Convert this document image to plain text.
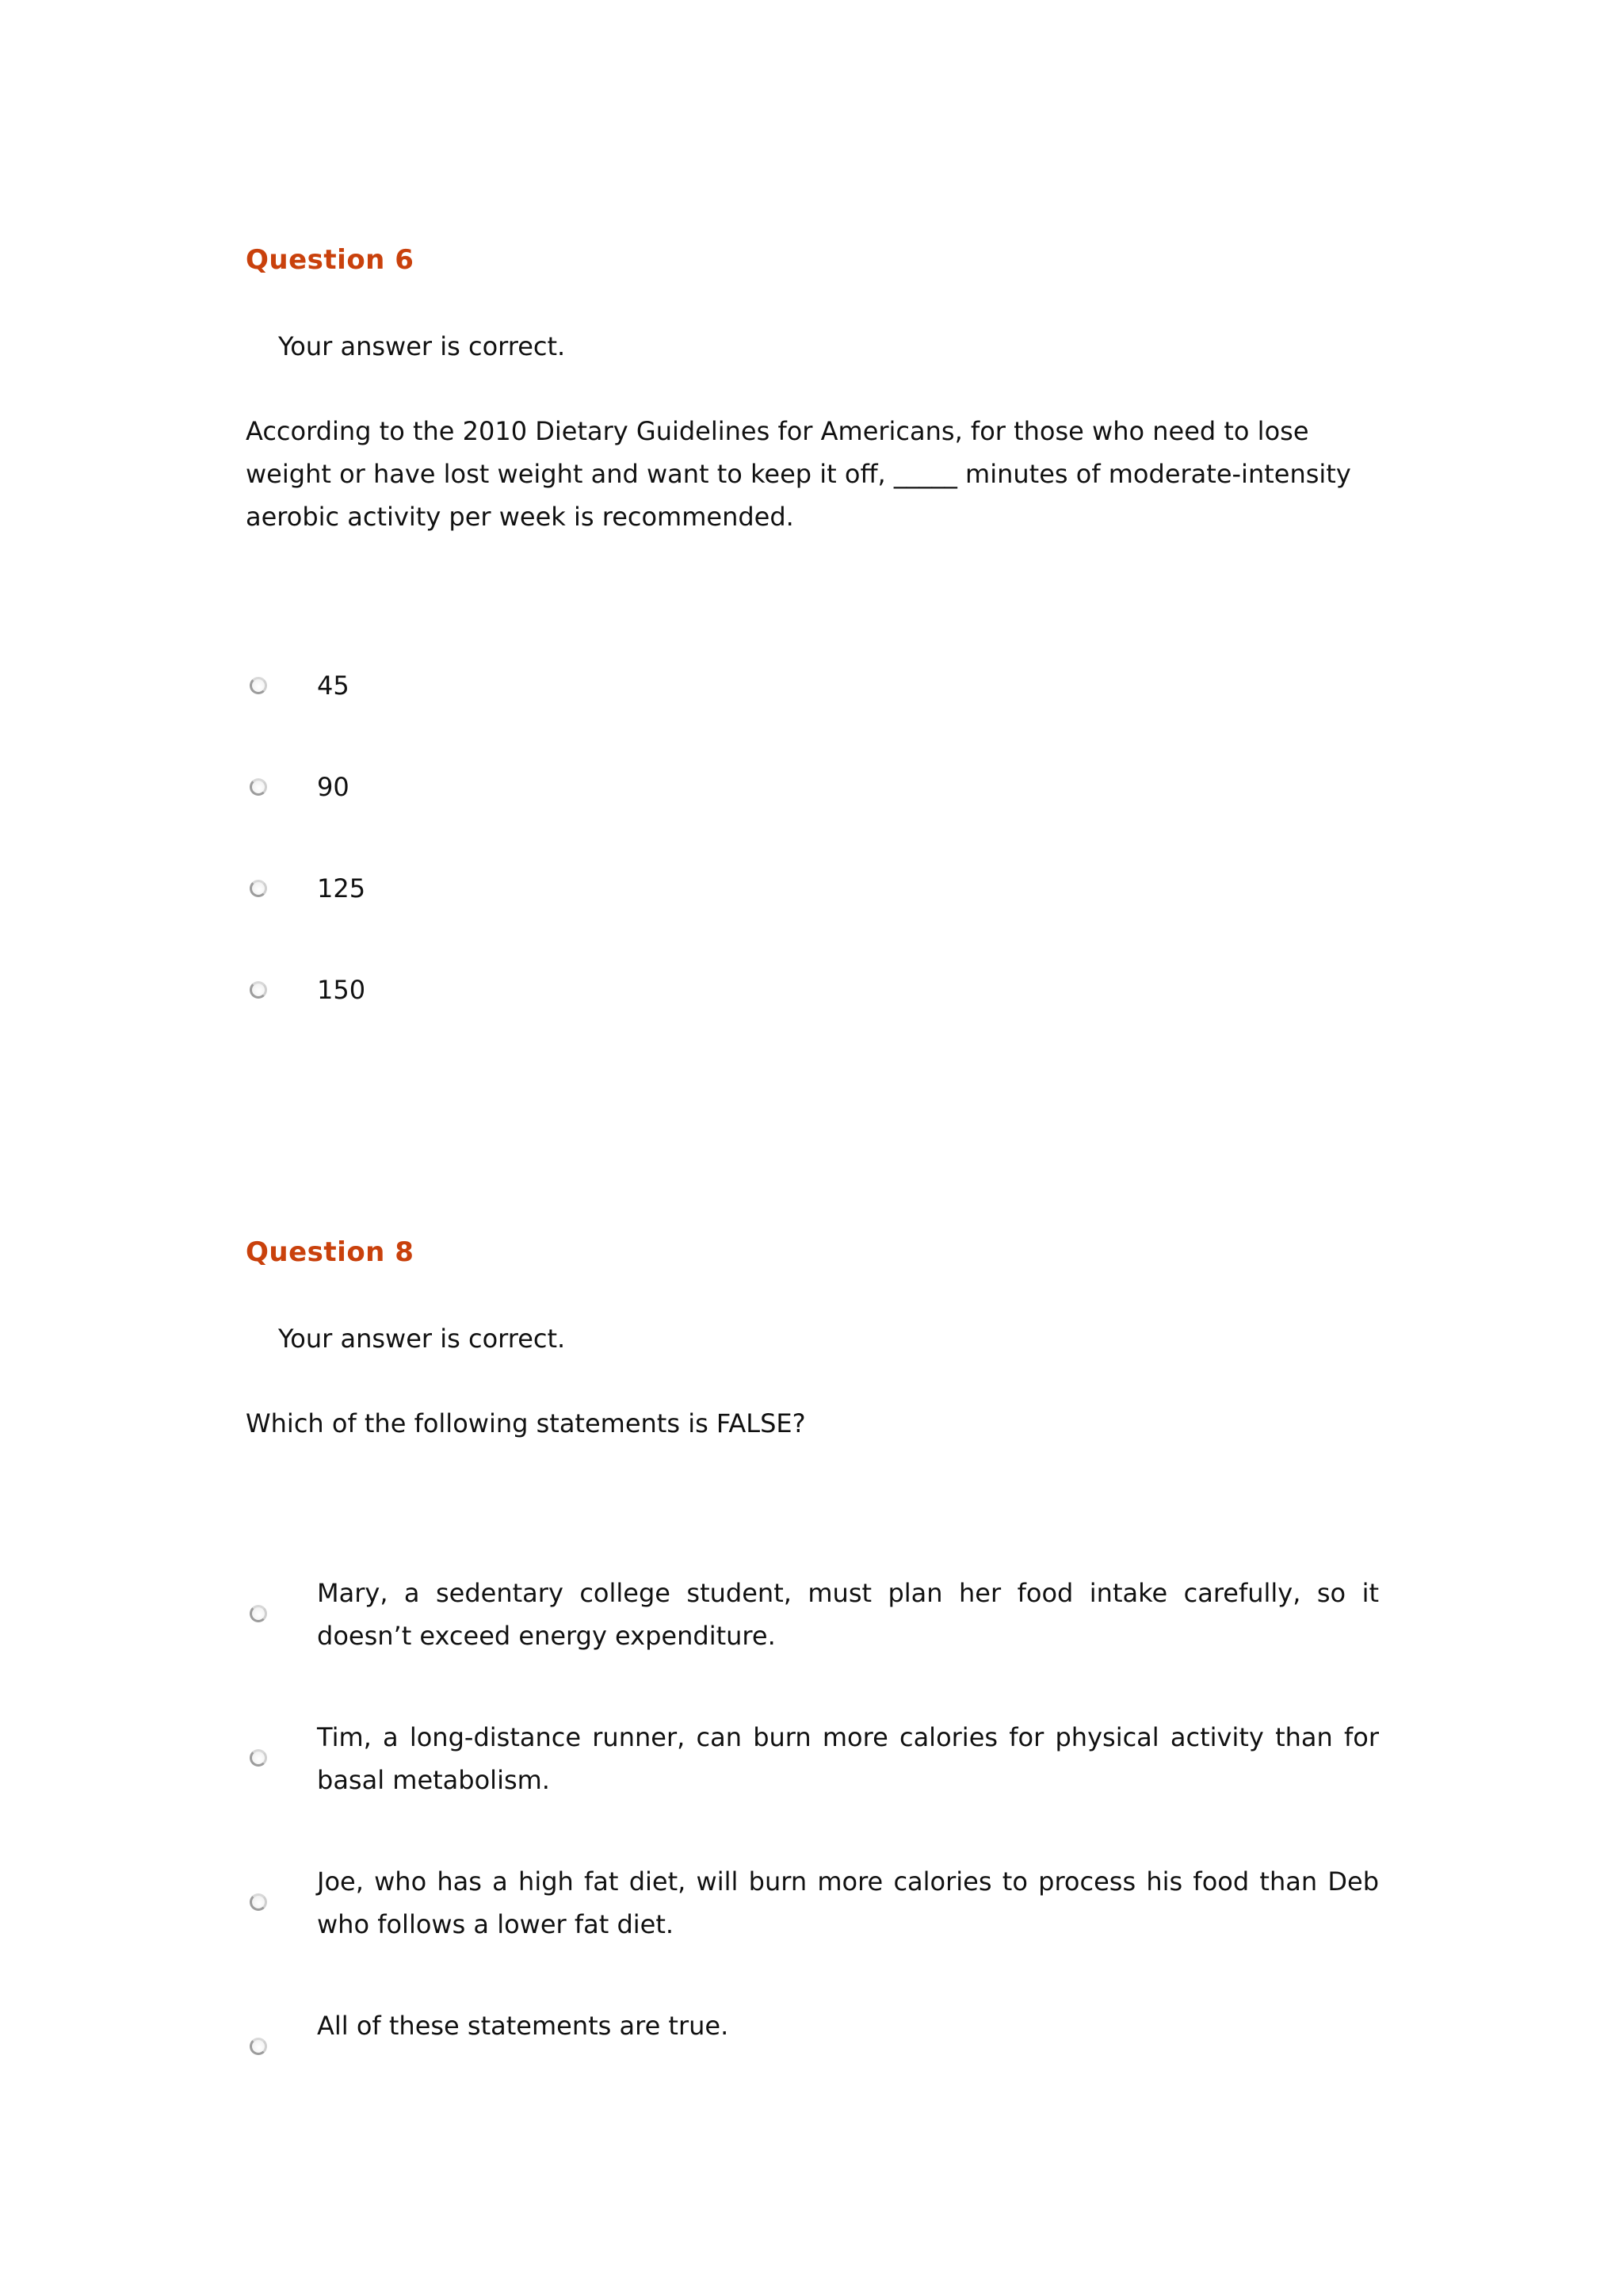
Question 6
Your answer is correct.
According to the 2010 Dietary Guidelines for Americans, for those who need to lose weight or have lost weight and want to keep it off, _____ minutes of moderate-intensity aerobic activity per week is recommended.
45
90
125
150
Question 8
Your answer is correct.
Which of the following statements is FALSE?
Mary, a sedentary college student, must plan her food intake carefully, so it doesn’t exceed energy expenditure.
Tim, a long-distance runner, can burn more calories for physical activity than for basal metabolism.
Joe, who has a high fat diet, will burn more calories to process his food than Deb who follows a lower fat diet.
All of these statements are true.
